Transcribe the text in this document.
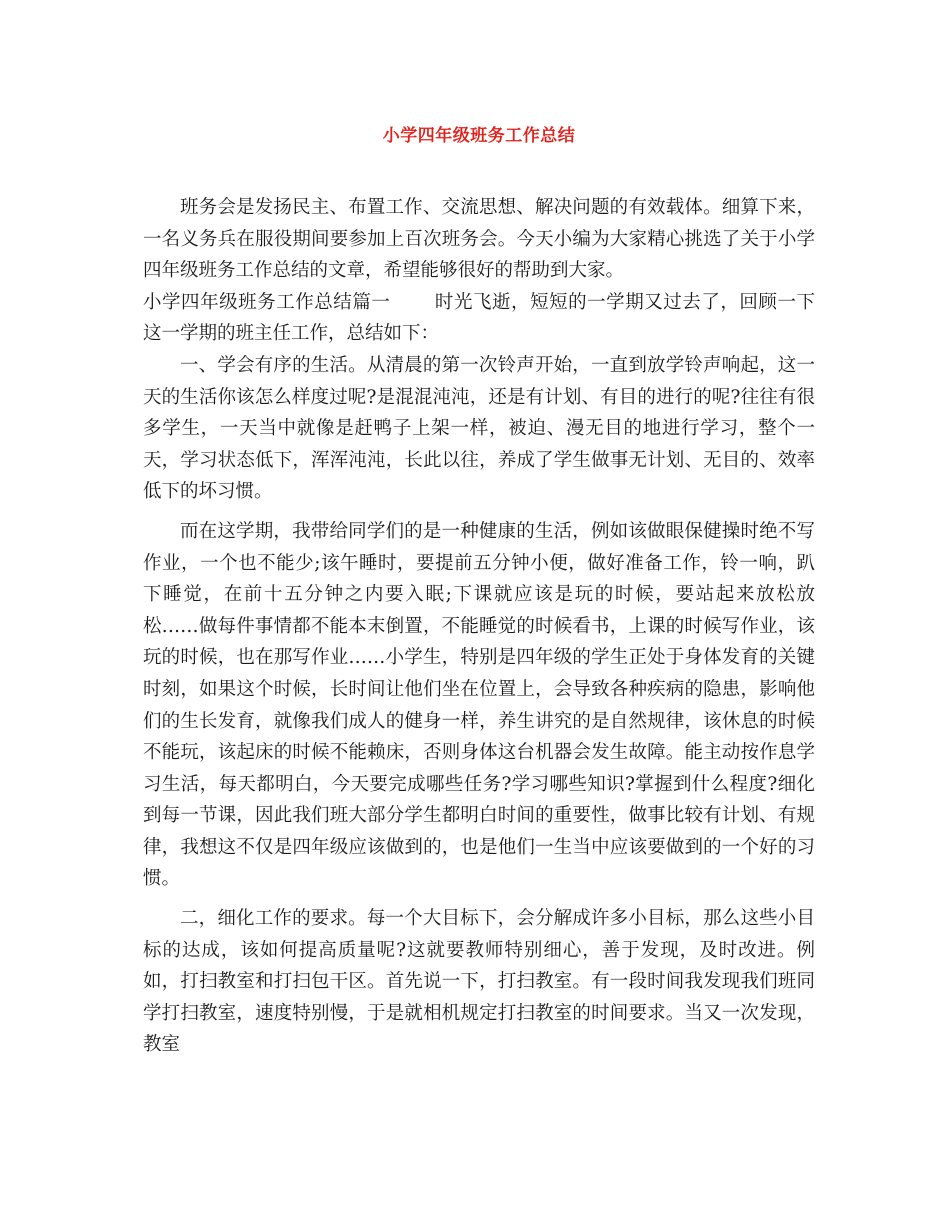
小学四年级班务工作总结

班务会是发扬民主、布置工作、交流思想、解决问题的有效载体。细算下来，一名义务兵在服役期间要参加上百次班务会。今天小编为大家精心挑选了关于小学四年级班务工作总结的文章，希望能够很好的帮助到大家。

小学四年级班务工作总结篇一 时光飞逝，短短的一学期又过去了，回顾一下这一学期的班主任工作，总结如下：

一、学会有序的生活。从清晨的第一次铃声开始，一直到放学铃声响起，这一天的生活你该怎么样度过呢?是混混沌沌，还是有计划、有目的进行的呢?往往有很多学生，一天当中就像是赶鸭子上架一样，被迫、漫无目的地进行学习，整个一天，学习状态低下，浑浑沌沌，长此以往，养成了学生做事无计划、无目的、效率低下的坏习惯。

而在这学期，我带给同学们的是一种健康的生活，例如该做眼保健操时绝不写作业，一个也不能少;该午睡时，要提前五分钟小便，做好准备工作，铃一响，趴下睡觉，在前十五分钟之内要入眠;下课就应该是玩的时候，要站起来放松放松……做每件事情都不能本末倒置，不能睡觉的时候看书，上课的时候写作业，该玩的时候，也在那写作业……小学生，特别是四年级的学生正处于身体发育的关键时刻，如果这个时候，长时间让他们坐在位置上，会导致各种疾病的隐患，影响他们的生长发育，就像我们成人的健身一样，养生讲究的是自然规律，该休息的时候不能玩，该起床的时候不能赖床，否则身体这台机器会发生故障。能主动按作息学习生活，每天都明白，今天要完成哪些任务?学习哪些知识?掌握到什么程度?细化到每一节课，因此我们班大部分学生都明白时间的重要性，做事比较有计划、有规律，我想这不仅是四年级应该做到的，也是他们一生当中应该要做到的一个好的习惯。

二，细化工作的要求。每一个大目标下，会分解成许多小目标，那么这些小目标的达成，该如何提高质量呢?这就要教师特别细心，善于发现，及时改进。例如，打扫教室和打扫包干区。首先说一下，打扫教室。有一段时间我发现我们班同学打扫教室，速度特别慢，于是就相机规定打扫教室的时间要求。当又一次发现，教室
